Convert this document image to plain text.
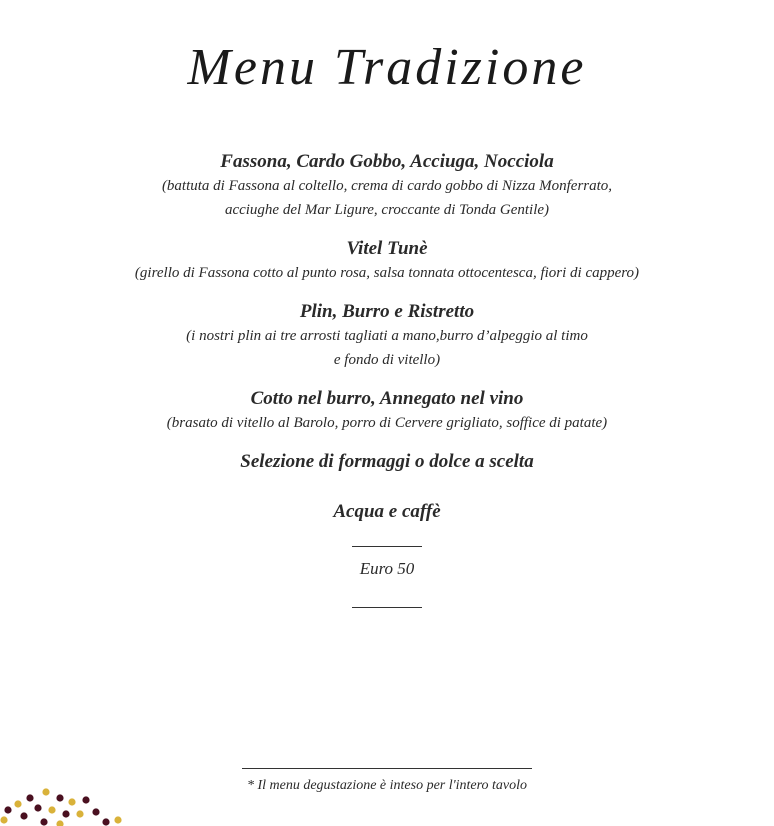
Menu Tradizione
Fassona, Cardo Gobbo, Acciuga, Nocciola
(battuta di Fassona al coltello, crema di cardo gobbo di Nizza Monferrato,
acciughe del Mar Ligure, croccante di Tonda Gentile)
Vitel Tunè
(girello di Fassona cotto al punto rosa, salsa tonnata ottocentesca, fiori di cappero)
Plin, Burro e Ristretto
(i nostri plin ai tre arrosti tagliati a mano,burro d’alpeggio al timo
e fondo di vitello)
Cotto nel burro, Annegato nel vino
(brasato di vitello al Barolo, porro di Cervere grigliato, soffice di patate)
Selezione di formaggi o dolce a scelta
Acqua e caffè
Euro 50
* Il menu degustazione è inteso per l'intero tavolo
